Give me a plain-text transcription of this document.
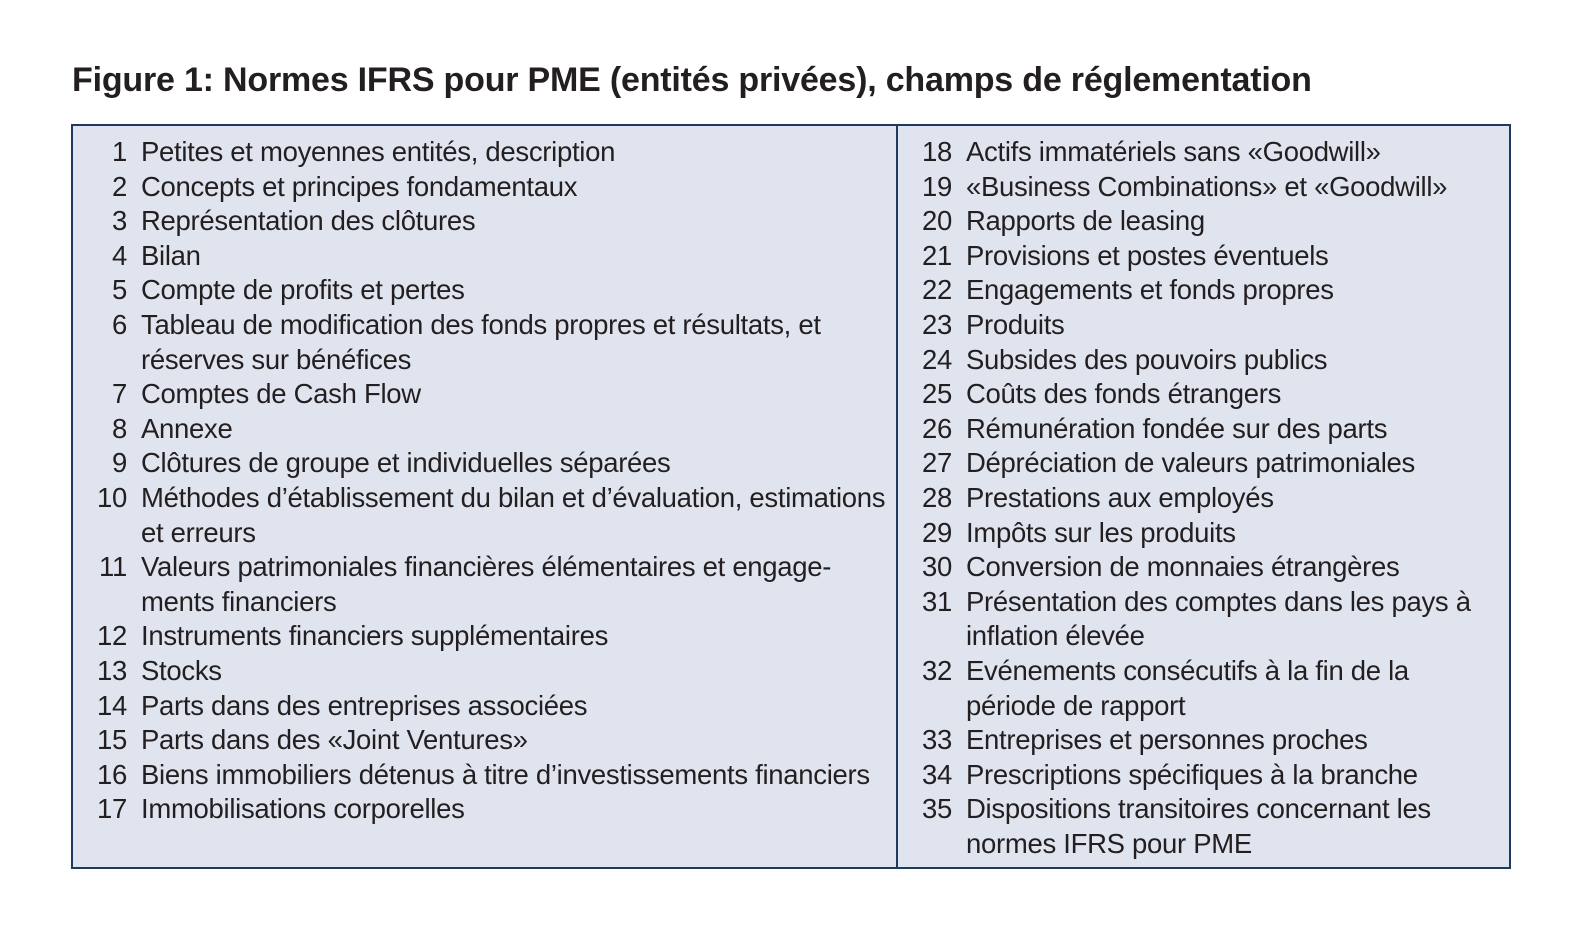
Figure 1: Normes IFRS pour PME (entités privées), champs de réglementation
1 Petites et moyennes entités, description
2 Concepts et principes fondamentaux
3 Représentation des clôtures
4 Bilan
5 Compte de profits et pertes
6 Tableau de modification des fonds propres et résultats, et réserves sur bénéfices
7 Comptes de Cash Flow
8 Annexe
9 Clôtures de groupe et individuelles séparées
10 Méthodes d’établissement du bilan et d’évaluation, estimations et erreurs
11 Valeurs patrimoniales financières élémentaires et engage-ments financiers
12 Instruments financiers supplémentaires
13 Stocks
14 Parts dans des entreprises associées
15 Parts dans des «Joint Ventures»
16 Biens immobiliers détenus à titre d’investissements financiers
17 Immobilisations corporelles
18 Actifs immatériels sans «Goodwill»
19 «Business Combinations» et «Goodwill»
20 Rapports de leasing
21 Provisions et postes éventuels
22 Engagements et fonds propres
23 Produits
24 Subsides des pouvoirs publics
25 Coûts des fonds étrangers
26 Rémunération fondée sur des parts
27 Dépréciation de valeurs patrimoniales
28 Prestations aux employés
29 Impôts sur les produits
30 Conversion de monnaies étrangères
31 Présentation des comptes dans les pays à inflation élevée
32 Evénements consécutifs à la fin de la période de rapport
33 Entreprises et personnes proches
34 Prescriptions spécifiques à la branche
35 Dispositions transitoires concernant les normes IFRS pour PME
